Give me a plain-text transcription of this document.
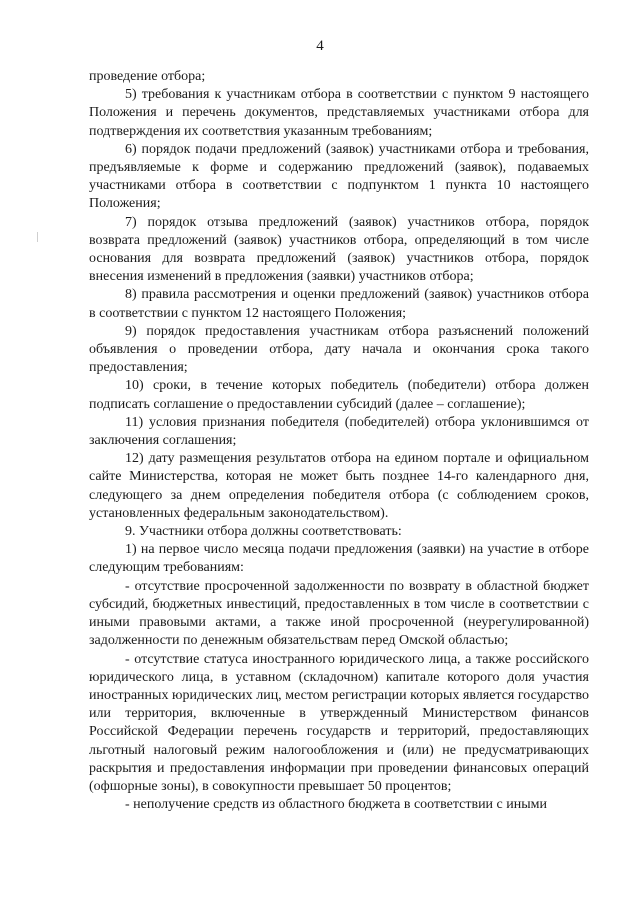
4

проведение отбора;

5) требования к участникам отбора в соответствии с пунктом 9 настоящего Положения и перечень документов, представляемых участниками отбора для подтверждения их соответствия указанным требованиям;

6) порядок подачи предложений (заявок) участниками отбора и требования, предъявляемые к форме и содержанию предложений (заявок), подаваемых участниками отбора в соответствии с подпунктом 1 пункта 10 настоящего Положения;

7) порядок отзыва предложений (заявок) участников отбора, порядок возврата предложений (заявок) участников отбора, определяющий в том числе основания для возврата предложений (заявок) участников отбора, порядок внесения изменений в предложения (заявки) участников отбора;

8) правила рассмотрения и оценки предложений (заявок) участников отбора в соответствии с пунктом 12 настоящего Положения;

9) порядок предоставления участникам отбора разъяснений положений объявления о проведении отбора, дату начала и окончания срока такого предоставления;

10) сроки, в течение которых победитель (победители) отбора должен подписать соглашение о предоставлении субсидий (далее – соглашение);

11) условия признания победителя (победителей) отбора уклонившимся от заключения соглашения;

12) дату размещения результатов отбора на едином портале и официальном сайте Министерства, которая не может быть позднее 14-го календарного дня, следующего за днем определения победителя отбора (с соблюдением сроков, установленных федеральным законодательством).

9. Участники отбора должны соответствовать:

1) на первое число месяца подачи предложения (заявки) на участие в отборе следующим требованиям:

- отсутствие просроченной задолженности по возврату в областной бюджет субсидий, бюджетных инвестиций, предоставленных в том числе в соответствии с иными правовыми актами, а также иной просроченной (неурегулированной) задолженности по денежным обязательствам перед Омской областью;

- отсутствие статуса иностранного юридического лица, а также российского юридического лица, в уставном (складочном) капитале которого доля участия иностранных юридических лиц, местом регистрации которых является государство или территория, включенные в утвержденный Министерством финансов Российской Федерации перечень государств и территорий, предоставляющих льготный налоговый режим налогообложения и (или) не предусматривающих раскрытия и предоставления информации при проведении финансовых операций (офшорные зоны), в совокупности превышает 50 процентов;

- неполучение средств из областного бюджета в соответствии с иными
